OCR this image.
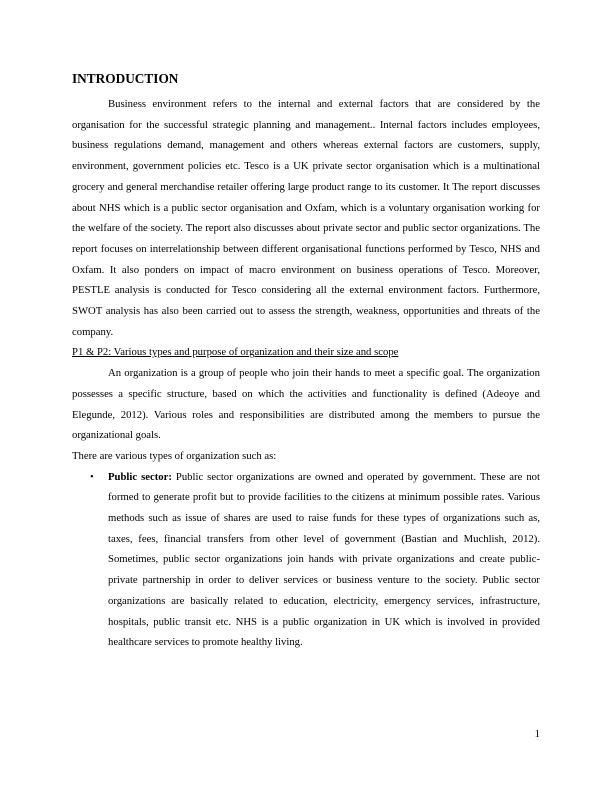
INTRODUCTION

Business environment refers to the internal and external factors that are considered by the organisation for the successful strategic planning and management.. Internal factors includes employees, business regulations demand, management and others whereas external factors are customers, supply, environment, government policies etc. Tesco is a UK private sector organisation which is a multinational grocery and general merchandise retailer offering large product range to its customer. It The report discusses about NHS which is a public sector organisation and Oxfam, which is a voluntary organisation working for the welfare of the society. The report also discusses about private sector and public sector organizations. The report focuses on interrelationship between different organisational functions performed by Tesco, NHS and Oxfam. It also ponders on impact of macro environment on business operations of Tesco. Moreover, PESTLE analysis is conducted for Tesco considering all the external environment factors. Furthermore, SWOT analysis has also been carried out to assess the strength, weakness, opportunities and threats of the company.

P1 & P2: Various types and purpose of organization and their size and scope

An organization is a group of people who join their hands to meet a specific goal. The organization possesses a specific structure, based on which the activities and functionality is defined (Adeoye and Elegunde, 2012). Various roles and responsibilities are distributed among the members to pursue the organizational goals.

There are various types of organization such as:

• Public sector: Public sector organizations are owned and operated by government. These are not formed to generate profit but to provide facilities to the citizens at minimum possible rates. Various methods such as issue of shares are used to raise funds for these types of organizations such as, taxes, fees, financial transfers from other level of government (Bastian and Muchlish, 2012). Sometimes, public sector organizations join hands with private organizations and create public-private partnership in order to deliver services or business venture to the society. Public sector organizations are basically related to education, electricity, emergency services, infrastructure, hospitals, public transit etc. NHS is a public organization in UK which is involved in provided healthcare services to promote healthy living.
1
